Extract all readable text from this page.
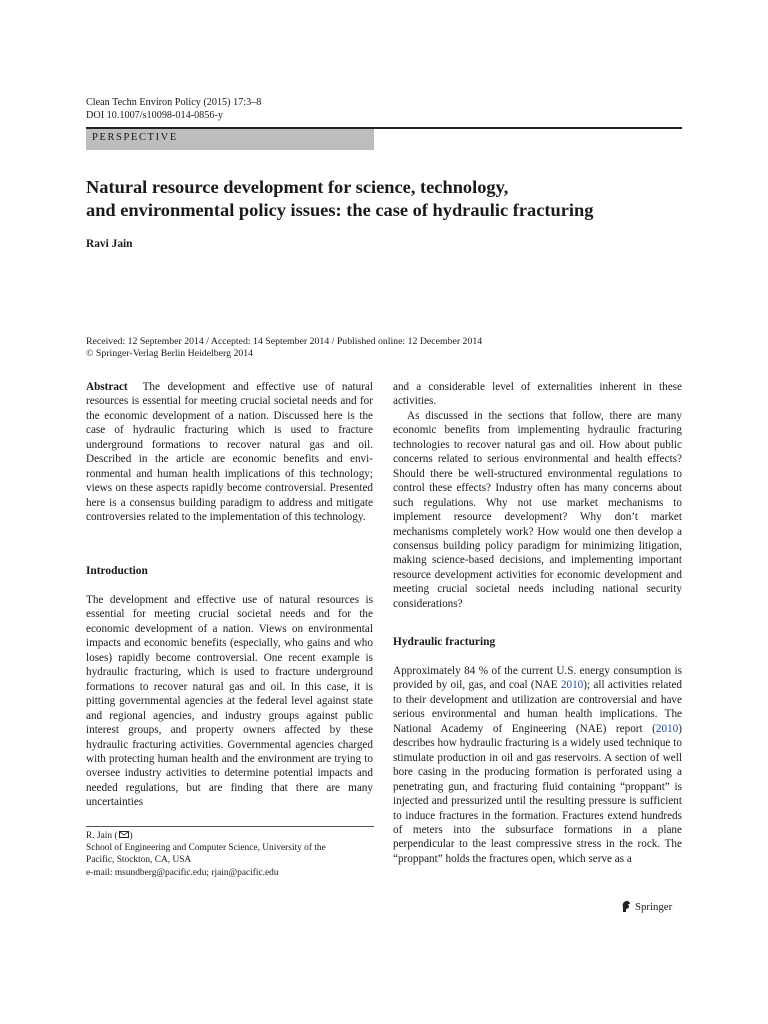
Clean Techn Environ Policy (2015) 17:3–8
DOI 10.1007/s10098-014-0856-y
PERSPECTIVE
Natural resource development for science, technology,
and environmental policy issues: the case of hydraulic fracturing
Ravi Jain
Received: 12 September 2014 / Accepted: 14 September 2014 / Published online: 12 December 2014
© Springer-Verlag Berlin Heidelberg 2014

Abstract The development and effective use of natural resources is essential for meeting crucial societal needs and for the economic development of a nation. Discussed here is the case of hydraulic fracturing which is used to fracture underground formations to recover natural gas and oil. Described in the article are economic benefits and environmental and human health implications of this technology; views on these aspects rapidly become controversial. Presented here is a consensus building paradigm to address and mitigate controversies related to the implementation of this technology.

Introduction

The development and effective use of natural resources is essential for meeting crucial societal needs and for the economic development of a nation. Views on environmental impacts and economic benefits (especially, who gains and who loses) rapidly become controversial. One recent example is hydraulic fracturing, which is used to fracture underground formations to recover natural gas and oil. In this case, it is pitting governmental agencies at the federal level against state and regional agencies, and industry groups against public interest groups, and property owners affected by these hydraulic fracturing activities. Governmental agencies charged with protecting human health and the environment are trying to oversee industry activities to determine potential impacts and needed regulations, but are finding that there are many uncertainties

R. Jain ( )
School of Engineering and Computer Science, University of the
Pacific, Stockton, CA, USA
e-mail: msundberg@pacific.edu; rjain@pacific.edu

and a considerable level of externalities inherent in these activities.

As discussed in the sections that follow, there are many economic benefits from implementing hydraulic fracturing technologies to recover natural gas and oil. How about public concerns related to serious environmental and health effects? Should there be well-structured environmental regulations to control these effects? Industry often has many concerns about such regulations. Why not use market mechanisms to implement resource development? Why don’t market mechanisms completely work? How would one then develop a consensus building policy paradigm for minimizing litigation, making science-based decisions, and implementing important resource development activities for economic development and meeting crucial societal needs including national security considerations?

Hydraulic fracturing

Approximately 84 % of the current U.S. energy consumption is provided by oil, gas, and coal (NAE 2010); all activities related to their development and utilization are controversial and have serious environmental and human health implications. The National Academy of Engineering (NAE) report (2010) describes how hydraulic fracturing is a widely used technique to stimulate production in oil and gas reservoirs. A section of well bore casing in the producing formation is perforated using a penetrating gun, and fracturing fluid containing “proppant” is injected and pressurized until the resulting pressure is sufficient to induce fractures in the formation. Fractures extend hundreds of meters into the subsurface formations in a plane perpendicular to the least compressive stress in the rock. The “proppant” holds the fractures open, which serve as a

Springer
